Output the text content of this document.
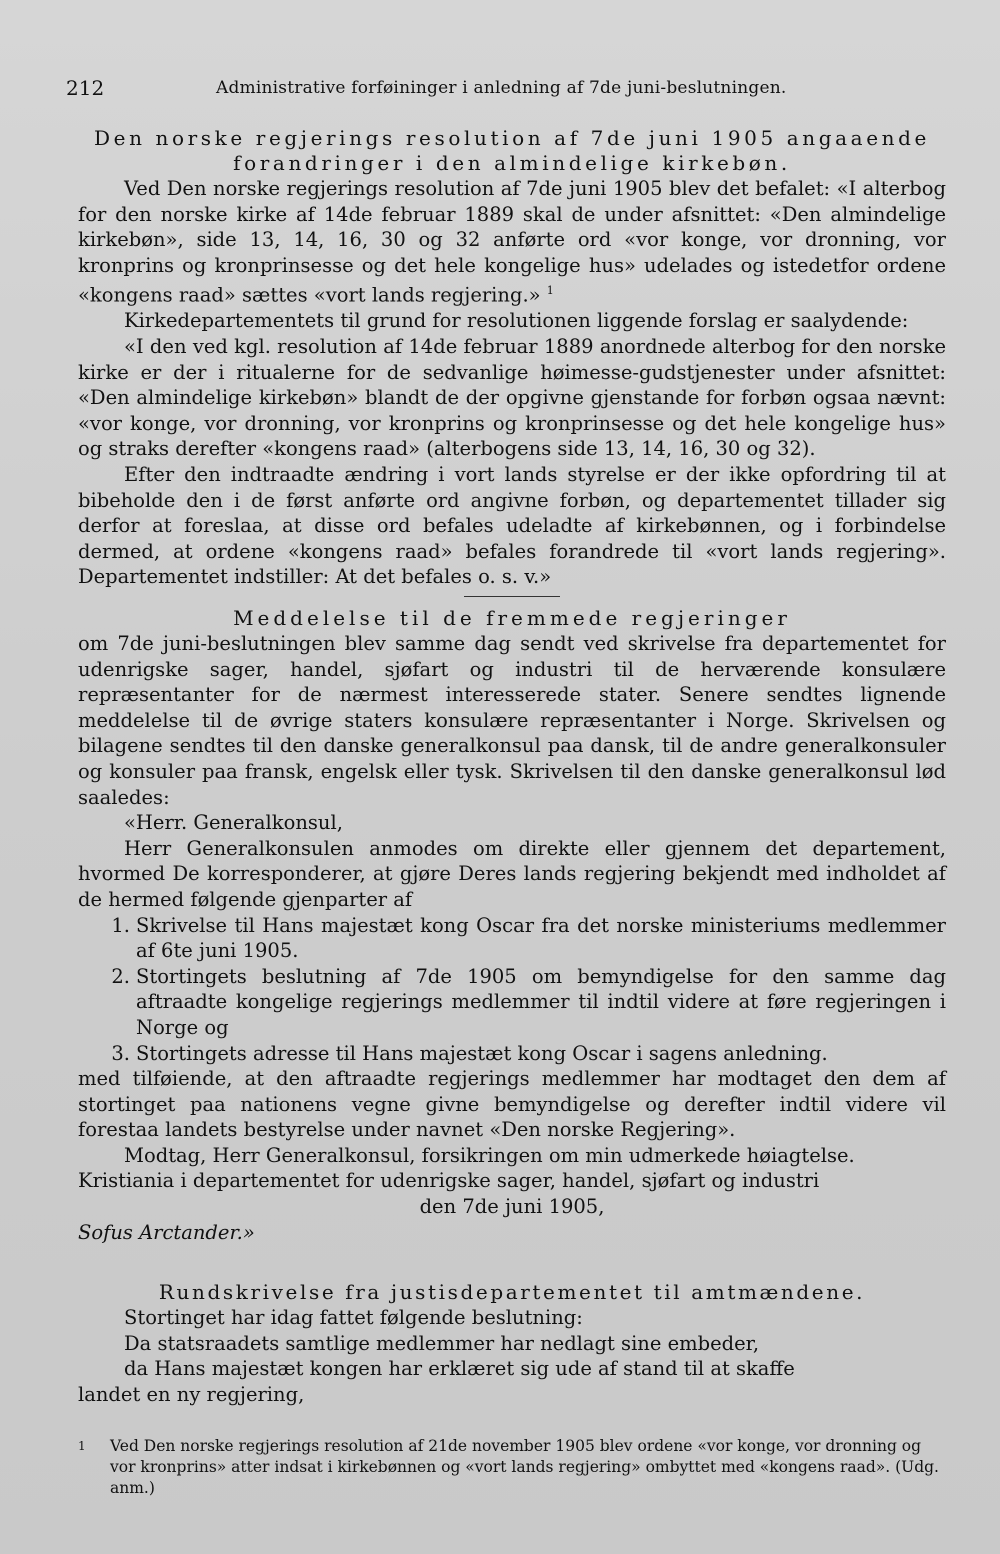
212	Administrative forføininger i anledning af 7de juni-beslutningen.
Den norske regjerings resolution af 7de juni 1905 angaaende
forandringer i den almindelige kirkebøn.

Ved Den norske regjerings resolution af 7de juni 1905 blev det befalet: «I alterbog for den norske kirke af 14de februar 1889 skal de under afsnittet: «Den almindelige kirkebøn», side 13, 14, 16, 30 og 32 anførte ord «vor konge, vor dronning, vor kronprins og kronprinsesse og det hele kongelige hus» udelades og istedetfor ordene «kongens raad» sættes «vort lands regjering.» $^1$

Kirkedepartementets til grund for resolutionen liggende forslag er saalydende:

«I den ved kgl. resolution af 14de februar 1889 anordnede alterbog for den norske kirke er der i ritualerne for de sedvanlige høimesse-gudstjenester under afsnittet: «Den almindelige kirkebøn» blandt de der opgivne gjenstande for forbøn ogsaa nævnt: «vor konge, vor dronning, vor kronprins og kronprinsesse og det hele kongelige hus» og straks derefter «kongens raad» (alterbogens side 13, 14, 16, 30 og 32).

Efter den indtraadte ændring i vort lands styrelse er der ikke opfordring til at bibeholde den i de først anførte ord angivne forbøn, og departementet tillader sig derfor at foreslaa, at disse ord befales udeladte af kirkebønnen, og i forbindelse dermed, at ordene «kongens raad» befales forandrede til «vort lands regjering». Departementet indstiller: At det befales o. s. v.»

Meddelelse til de fremmede regjeringer

om 7de juni-beslutningen blev samme dag sendt ved skrivelse fra departementet for udenrigske sager, handel, sjøfart og industri til de herværende konsulære repræsentanter for de nærmest interesserede stater. Senere sendtes lignende meddelelse til de øvrige staters konsulære repræsentanter i Norge. Skrivelsen og bilagene sendtes til den danske generalkonsul paa dansk, til de andre generalkonsuler og konsuler paa fransk, engelsk eller tysk. Skrivelsen til den danske generalkonsul lød saaledes:

«Herr. Generalkonsul,

Herr Generalkonsulen anmodes om direkte eller gjennem det departement, hvormed De korresponderer, at gjøre Deres lands regjering bekjendt med indholdet af de hermed følgende gjenparter af

1. Skrivelse til Hans majestæt kong Oscar fra det norske ministeriums medlemmer af 6te juni 1905.
2. Stortingets beslutning af 7de 1905 om bemyndigelse for den samme dag aftraadte kongelige regjerings medlemmer til indtil videre at føre regjeringen i Norge og
3. Stortingets adresse til Hans majestæt kong Oscar i sagens anledning.

med tilføiende, at den aftraadte regjerings medlemmer har modtaget den dem af stortinget paa nationens vegne givne bemyndigelse og derefter indtil videre vil forestaa landets bestyrelse under navnet «Den norske Regjering».

Modtag, Herr Generalkonsul, forsikringen om min udmerkede høiagtelse.

Kristiania i departementet for udenrigske sager, handel, sjøfart og industri

den 7de juni 1905,

Sofus Arctander.»

Rundskrivelse fra justisdepartementet til amtmændene.

Stortinget har idag fattet følgende beslutning:

Da statsraadets samtlige medlemmer har nedlagt sine embeder,

da Hans majestæt kongen har erklæret sig ude af stand til at skaffe

landet en ny regjering,

1	Ved Den norske regjerings resolution af 21de november 1905 blev ordene «vor konge, vor dronning og vor kronprins» atter indsat i kirkebønnen og «vort lands regjering» ombyttet med «kongens raad». (Udg. anm.)
